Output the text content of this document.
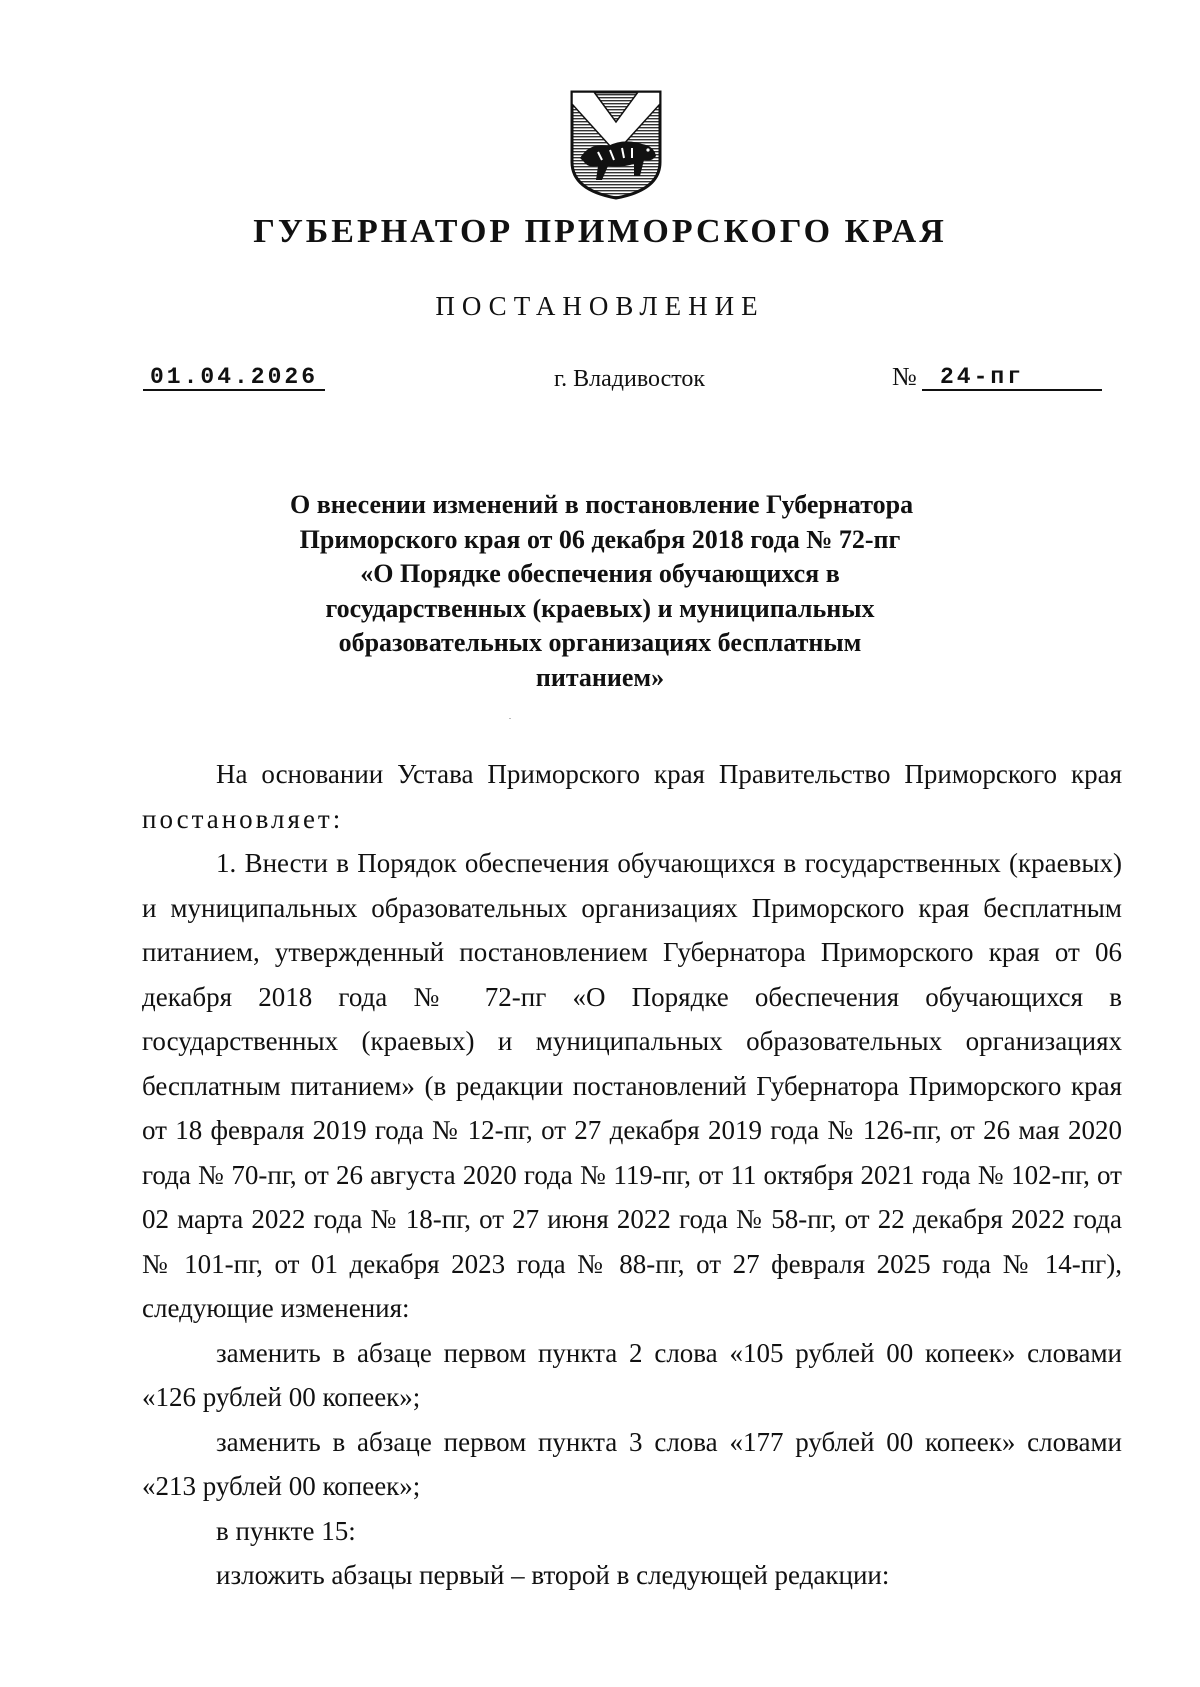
ГУБЕРНАТОР ПРИМОРСКОГО КРАЯ
ПОСТАНОВЛЕНИЕ
01.04.2026	г. Владивосток	№	24-пг
О внесении изменений в постановление Губернатора
Приморского края от 06 декабря 2018 года № 72-пг
«О Порядке обеспечения обучающихся в
государственных (краевых) и муниципальных
образовательных организациях бесплатным
питанием»

На основании Устава Приморского края Правительство Приморского края постановляет:

1. Внести в Порядок обеспечения обучающихся в государственных (краевых) и муниципальных образовательных организациях Приморского края бесплатным питанием, утвержденный постановлением Губернатора Приморского края от 06 декабря 2018 года № 72-пг «О Порядке обеспечения обучающихся в государственных (краевых) и муниципальных образовательных организациях бесплатным питанием» (в редакции постановлений Губернатора Приморского края от 18 февраля 2019 года № 12-пг, от 27 декабря 2019 года № 126-пг, от 26 мая 2020 года № 70-пг, от 26 августа 2020 года № 119-пг, от 11 октября 2021 года № 102-пг, от 02 марта 2022 года № 18-пг, от 27 июня 2022 года № 58-пг, от 22 декабря 2022 года № 101-пг, от 01 декабря 2023 года № 88-пг, от 27 февраля 2025 года № 14-пг), следующие изменения:

заменить в абзаце первом пункта 2 слова «105 рублей 00 копеек» словами «126 рублей 00 копеек»;

заменить в абзаце первом пункта 3 слова «177 рублей 00 копеек» словами «213 рублей 00 копеек»;

в пункте 15:

изложить абзацы первый – второй в следующей редакции:
